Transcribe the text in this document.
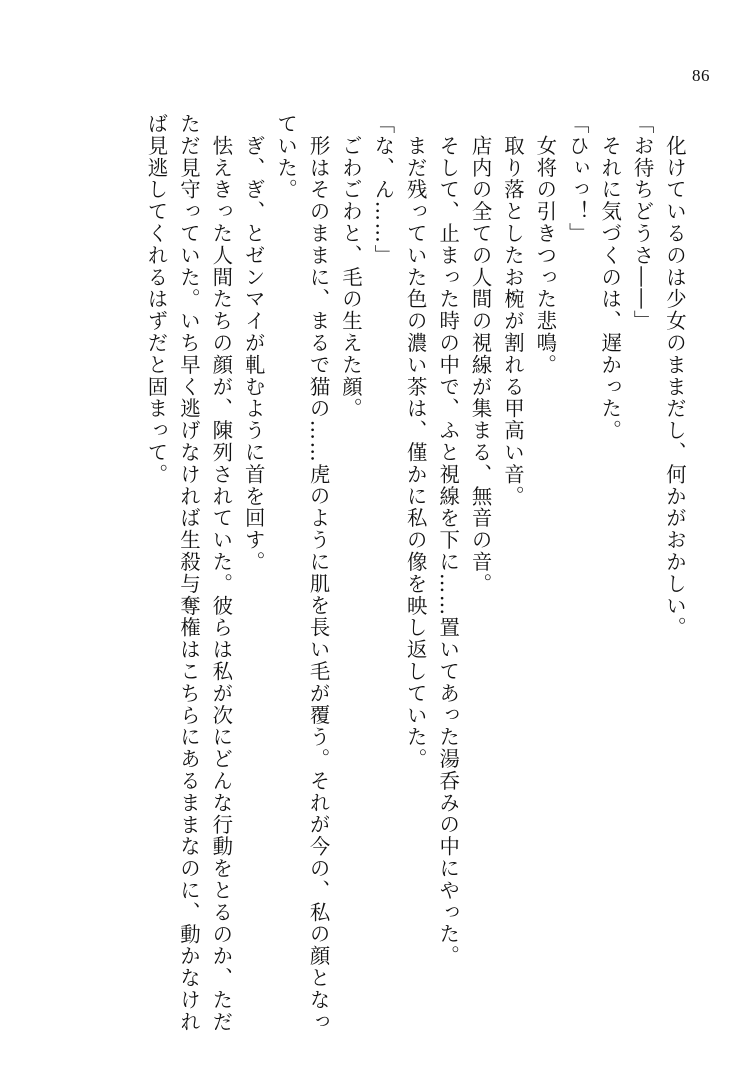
86
　化けているのは少女のままだし、何かがおかしい。
「お待ちどうさ――」
　それに気づくのは、遅かった。
「ひぃっ！」
　女将の引きつった悲鳴。
　取り落としたお椀が割れる甲高い音。
　店内の全ての人間の視線が集まる、無音の音。
　そして、止まった時の中で、ふと視線を下に……置いてあった湯呑みの中にやった。
　まだ残っていた色の濃い茶は、僅かに私の像を映し返していた。
「な、ん……」
　ごわごわと、毛の生えた顔。
　形はそのままに、まるで猫の……虎のように肌を長い毛が覆う。それが今の、私の顔となっ
ていた。
　ぎ、ぎ、とゼンマイが軋むように首を回す。
　怯えきった人間たちの顔が、陳列されていた。彼らは私が次にどんな行動をとるのか、ただ
ただ見守っていた。いち早く逃げなければ生殺与奪権はこちらにあるままなのに、動かなけれ
ば見逃してくれるはずだと固まって。
